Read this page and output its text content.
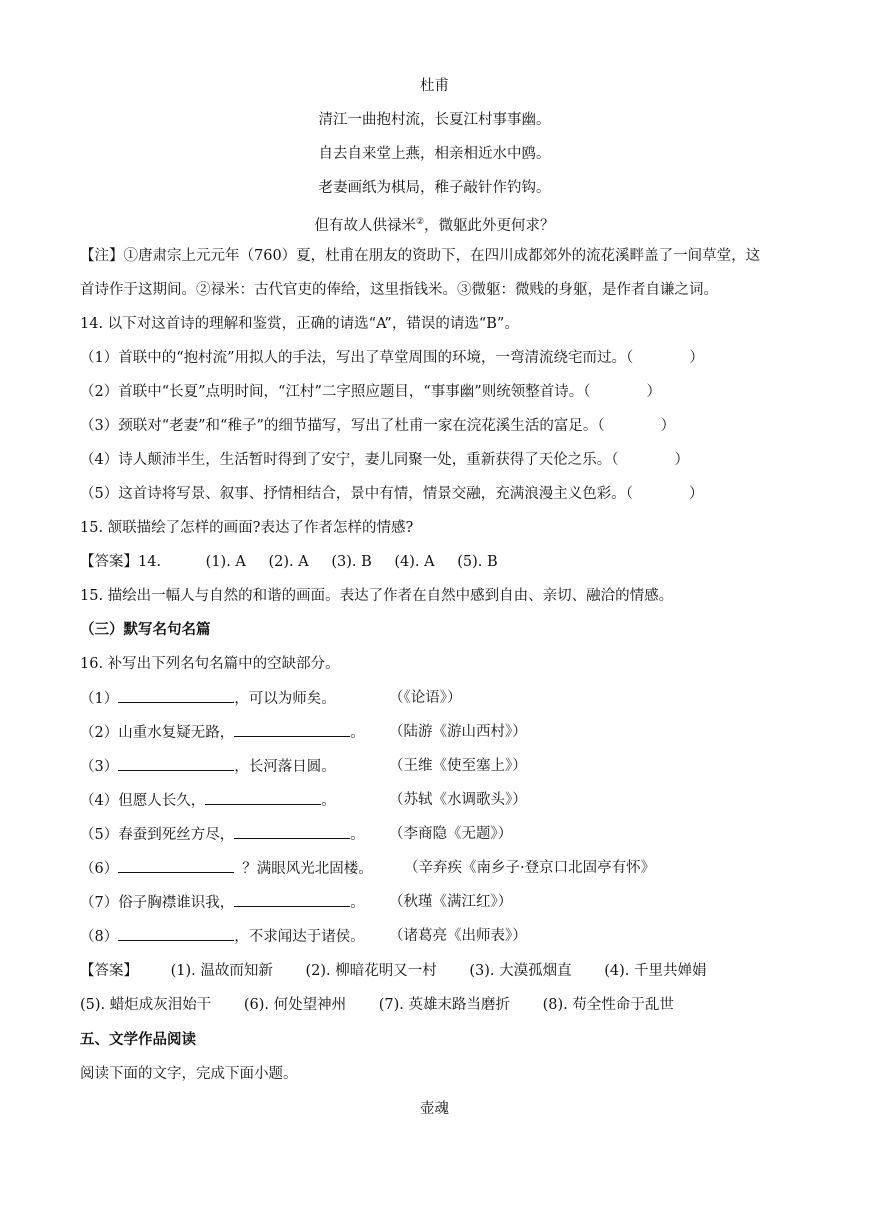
杜甫
清江一曲抱村流，长夏江村事事幽。
自去自来堂上燕，相亲相近水中鸥。
老妻画纸为棋局，稚子敲针作钓钩。
但有故人供禄米②，微躯此外更何求？
【注】①唐肃宗上元元年（760）夏，杜甫在朋友的资助下，在四川成都郊外的流花溪畔盖了一间草堂，这
首诗作于这期间。②禄米：古代官吏的俸给，这里指钱米。③微躯：微贱的身躯，是作者自谦之词。
14. 以下对这首诗的理解和鉴赏，正确的请选“A”，错误的请选“B”。
（1）首联中的“抱村流”用拟人的手法，写出了草堂周围的环境，一弯清流绕宅而过。（	）
（2）首联中“长夏”点明时间，“江村”二字照应题目，“事事幽”则统领整首诗。（	）
（3）颈联对“老妻”和“稚子”的细节描写，写出了杜甫一家在浣花溪生活的富足。（	）
（4）诗人颠沛半生，生活暂时得到了安宁，妻儿同聚一处，重新获得了天伦之乐。（	）
（5）这首诗将写景、叙事、抒情相结合，景中有情，情景交融，充满浪漫主义色彩。（	）
15. 颔联描绘了怎样的画面?表达了作者怎样的情感?
【答案】14.	(1). A (2). A (3). B (4). A (5). B
15. 描绘出一幅人与自然的和谐的画面。表达了作者在自然中感到自由、亲切、融洽的情感。
（三）默写名句名篇
16. 补写出下列名句名篇中的空缺部分。
（1）	，可以为师矣。	（《论语》）
（2）山重水复疑无路，	。 （陆游《游山西村》）
（3）	，长河落日圆。	（王维《使至塞上》）
（4）但愿人长久，	。	（苏轼《水调歌头》）
（5）春蚕到死丝方尽，	。 （李商隐《无题》）
（6）	？满眼风光北固楼。 （辛弃疾《南乡子·登京口北固亭有怀》
（7）俗子胸襟谁识我，	。 （秋瑾《满江红》）
（8）	，不求闻达于诸侯。 （诸葛亮《出师表》）
【答案】 (1). 温故而知新 (2). 柳暗花明又一村 (3). 大漠孤烟直 (4). 千里共婵娟
(5). 蜡炬成灰泪始干 (6). 何处望神州 (7). 英雄末路当磨折 (8). 苟全性命于乱世
五、文学作品阅读
阅读下面的文字，完成下面小题。
壶魂
